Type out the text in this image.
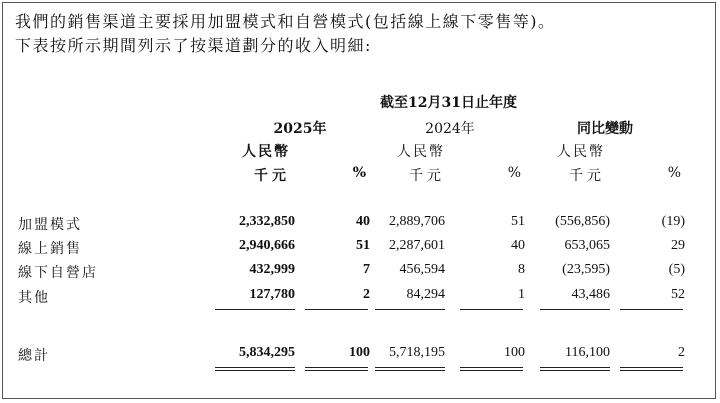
我們的銷售渠道主要採用加盟模式和自營模式(包括線上線下零售等)。
下表按所示期間列示了按渠道劃分的收入明細:
截至12月31日止年度
2025年	2024年	同比變動
人民幣	人民幣	人民幣
千元	%	千元	%	千元	%
加盟模式	2,332,850	40	2,889,706	51	(556,856)	(19)
線上銷售	2,940,666	51	2,287,601	40	653,065	29
線下自營店	432,999	7	456,594	8	(23,595)	(5)
其他	127,780	2	84,294	1	43,486	52
總計	5,834,295	100	5,718,195	100	116,100	2
